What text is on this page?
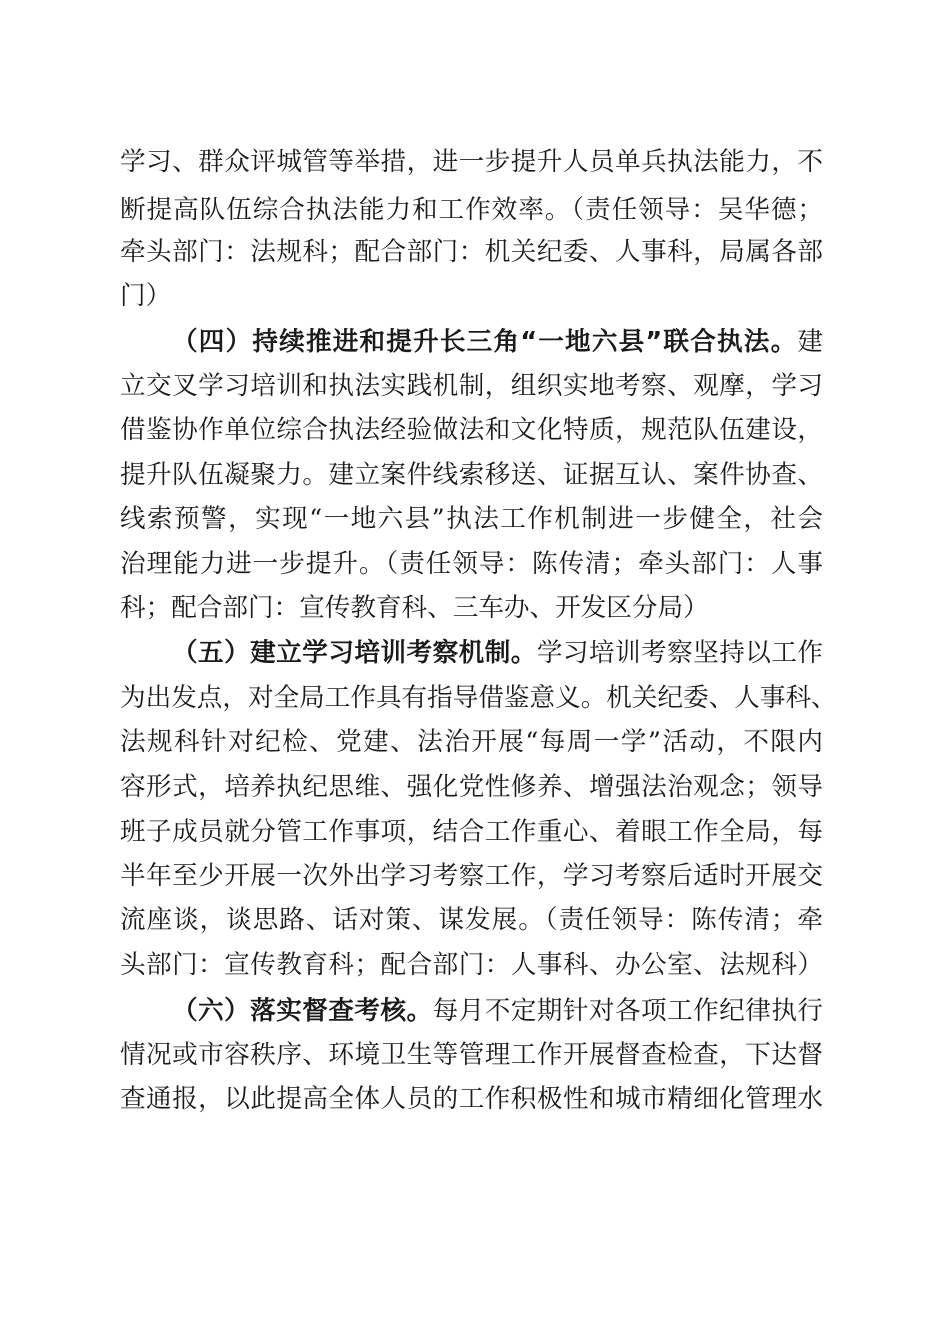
学习、群众评城管等举措，进一步提升人员单兵执法能力，不
断提高队伍综合执法能力和工作效率。（责任领导：吴华德；
牵头部门：法规科；配合部门：机关纪委、人事科，局属各部
门）
（四）持续推进和提升长三角“一地六县”联合执法。建
立交叉学习培训和执法实践机制，组织实地考察、观摩，学习
借鉴协作单位综合执法经验做法和文化特质，规范队伍建设，
提升队伍凝聚力。建立案件线索移送、证据互认、案件协查、
线索预警，实现“一地六县”执法工作机制进一步健全，社会
治理能力进一步提升。（责任领导：陈传清；牵头部门：人事
科；配合部门：宣传教育科、三车办、开发区分局）
（五）建立学习培训考察机制。学习培训考察坚持以工作
为出发点，对全局工作具有指导借鉴意义。机关纪委、人事科、
法规科针对纪检、党建、法治开展“每周一学”活动，不限内
容形式，培养执纪思维、强化党性修养、增强法治观念；领导
班子成员就分管工作事项，结合工作重心、着眼工作全局，每
半年至少开展一次外出学习考察工作，学习考察后适时开展交
流座谈，谈思路、话对策、谋发展。（责任领导：陈传清；牵
头部门：宣传教育科；配合部门：人事科、办公室、法规科）
（六）落实督查考核。每月不定期针对各项工作纪律执行
情况或市容秩序、环境卫生等管理工作开展督查检查，下达督
查通报，以此提高全体人员的工作积极性和城市精细化管理水
